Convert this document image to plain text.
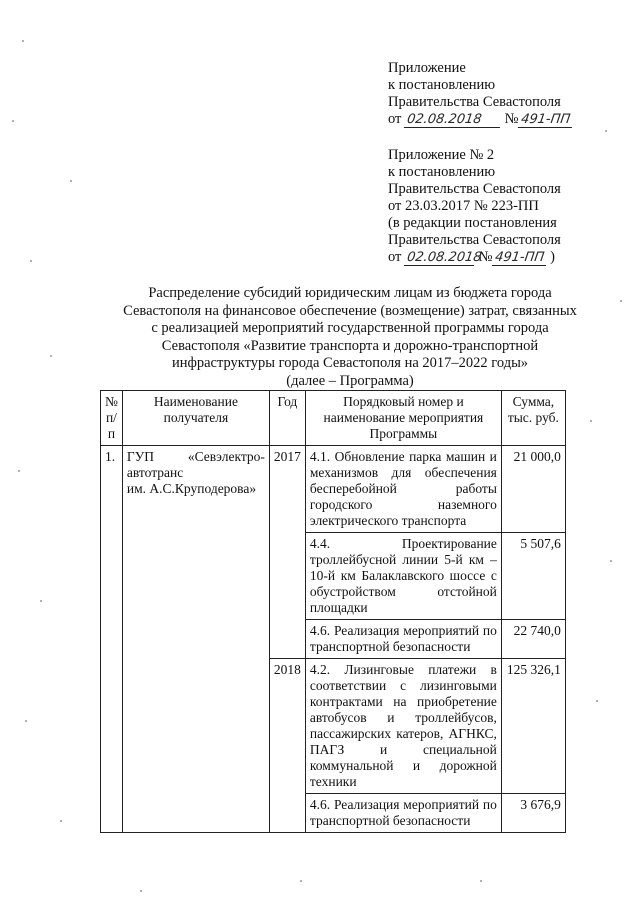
Приложение
к постановлению
Правительства Севастополя
от 02.08.2018 №491-ПП
Приложение № 2
к постановлению
Правительства Севастополя
от 23.03.2017 № 223-ПП
(в редакции постановления
Правительства Севастополя
от 02.08.2018 №491-ПП )
Распределение субсидий юридическим лицам из бюджета города
Севастополя на финансовое обеспечение (возмещение) затрат, связанных
с реализацией мероприятий государственной программы города
Севастополя «Развитие транспорта и дорожно-транспортной
инфраструктуры города Севастополя на 2017–2022 годы»
(далее – Программа)
№ п/п	Наименование получателя	Год	Порядковый номер и наименование мероприятия Программы	Сумма, тыс. руб.
1.	ГУП «Севэлектро-
автотранс
им. А.С.Круподерова»	2017	4.1. Обновление парка машин и механизмов для обеспечения бесперебойной работы городского наземного электрического транспорта	21 000,0
			4.4. Проектирование троллейбусной линии 5-й км – 10-й км Балаклавского шоссе с обустройством отстойной площадки	5 507,6
			4.6. Реализация мероприятий по транспортной безопасности	22 740,0
		2018	4.2. Лизинговые платежи в соответствии с лизинговыми контрактами на приобретение автобусов и троллейбусов, пассажирских катеров, АГНКС, ПАГЗ и специальной коммунальной и дорожной техники	125 326,1
			4.6. Реализация мероприятий по транспортной безопасности	3 676,9
